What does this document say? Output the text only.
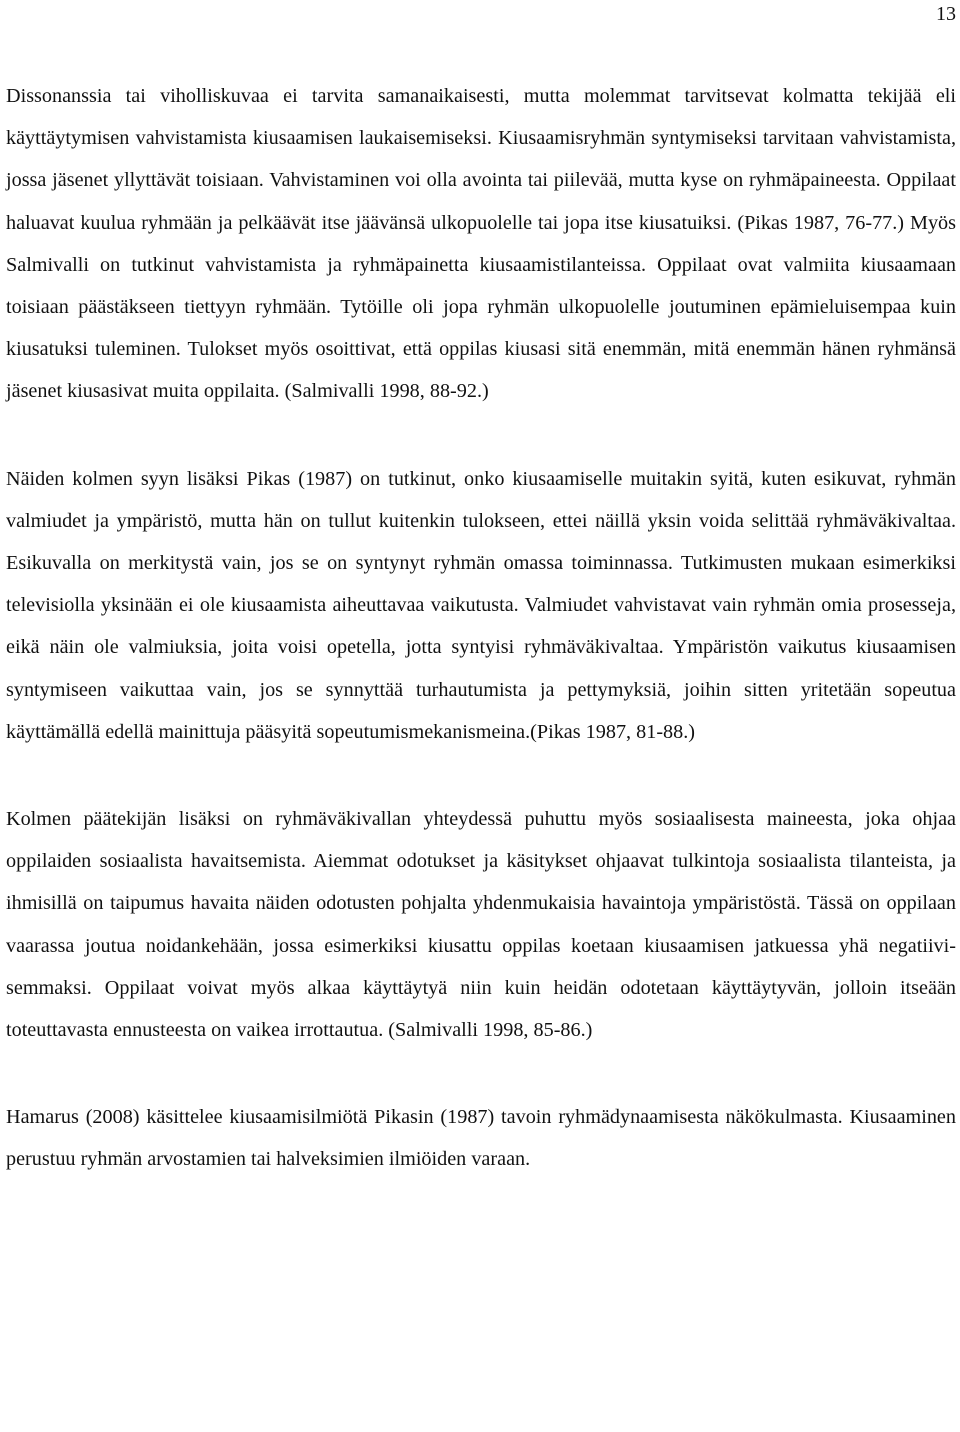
13

Dissonanssia tai viholliskuvaa ei tarvita samanaikaisesti, mutta molemmat tarvitsevat kolmatta tekijää eli käyttäytymisen vahvistamista kiusaamisen laukaisemiseksi. Kiusaamisryhmän syntymiseksi tarvitaan vahvistamista, jossa jäsenet yllyttävät toisiaan. Vahvistaminen voi olla avointa tai piilevää, mutta kyse on ryhmäpaineesta. Oppilaat haluavat kuulua ryhmään ja pelkäävät itse jäävänsä ulkopuolelle tai jopa itse kiusatuiksi. (Pikas 1987, 76-77.) Myös Salmivalli on tutkinut vahvistamista ja ryhmäpainetta kiusaamistilanteissa. Oppilaat ovat valmiita kiusaamaan toisiaan päästäkseen tiettyyn ryhmään. Tytöille oli jopa ryhmän ulkopuolelle joutuminen epämieluisempaa kuin kiusatuksi tuleminen. Tulokset myös osoittivat, että oppilas kiusasi sitä enemmän, mitä enemmän hänen ryhmänsä jäsenet kiusasivat muita oppilaita. (Salmivalli 1998, 88-92.)

Näiden kolmen syyn lisäksi Pikas (1987) on tutkinut, onko kiusaamiselle muitakin syitä, kuten esikuvat, ryhmän valmiudet ja ympäristö, mutta hän on tullut kuitenkin tulokseen, ettei näillä yksin voida selittää ryhmäväkivaltaa. Esikuvalla on merkitystä vain, jos se on syntynyt ryhmän omassa toiminnassa. Tutkimusten mukaan esimerkiksi televisiolla yksinään ei ole kiusaamista aiheuttavaa vaikutusta. Valmiudet vahvistavat vain ryhmän omia prosesseja, eikä näin ole valmiuksia, joita voisi opetella, jotta syntyisi ryhmäväkivaltaa. Ympäristön vaikutus kiusaamisen syntymiseen vaikuttaa vain, jos se synnyttää turhautumista ja pettymyksiä, joihin sitten yritetään sopeutua käyttämällä edellä mainittuja pääsyitä sopeutumismekanismeina.(Pikas 1987, 81-88.)

Kolmen päätekijän lisäksi on ryhmäväkivallan yhteydessä puhuttu myös sosiaalisesta maineesta, joka ohjaa oppilaiden sosiaalista havaitsemista. Aiemmat odotukset ja käsitykset ohjaavat tulkintoja sosiaalista tilanteista, ja ihmisillä on taipumus havaita näiden odotusten pohjalta yhdenmukaisia havaintoja ympäristöstä. Tässä on oppilaan vaarassa joutua noidankehään, jossa esimerkiksi kiusattu oppilas koetaan kiusaamisen jatkuessa yhä negatiivisemmaksi. Oppilaat voivat myös alkaa käyttäytyä niin kuin heidän odotetaan käyttäytyvän, jolloin itseään toteuttavasta ennusteesta on vaikea irrottautua. (Salmivalli 1998, 85-86.)

Hamarus (2008) käsittelee kiusaamisilmiötä Pikasin (1987) tavoin ryhmädynaamisesta näkökulmasta. Kiusaaminen perustuu ryhmän arvostamien tai halveksimien ilmiöiden varaan.
